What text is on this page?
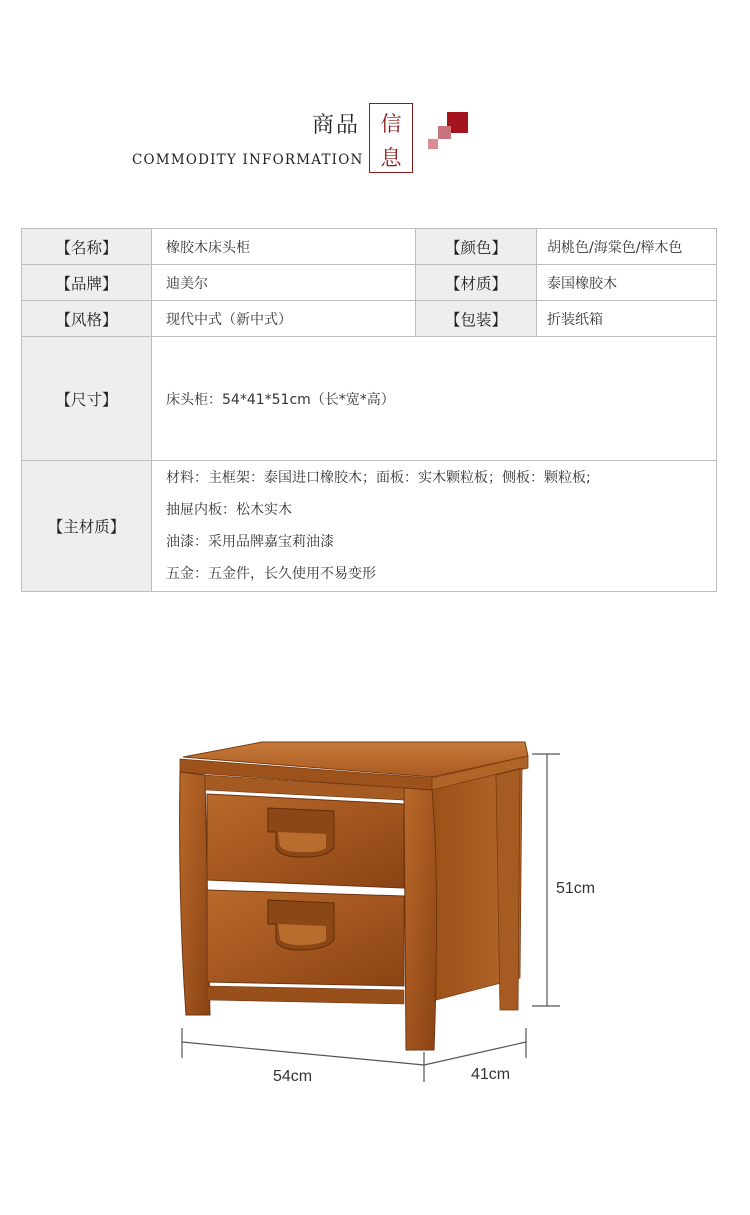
商品 信
息
COMMODITY INFORMATION
【名称】	橡胶木床头柜	【颜色】	胡桃色/海棠色/榉木色
【品牌】	迪美尔	【材质】	泰国橡胶木
【风格】	现代中式（新中式）	【包装】	折装纸箱
【尺寸】	床头柜：54*41*51cm（长*宽*高）		
【主材质】	材料：主框架：泰国进口橡胶木；面板：实木颗粒板；侧板：颗粒板;
抽屉内板：松木实木
油漆：采用品牌嘉宝莉油漆
五金：五金件，长久使用不易变形		
51cm
54cm	41cm
